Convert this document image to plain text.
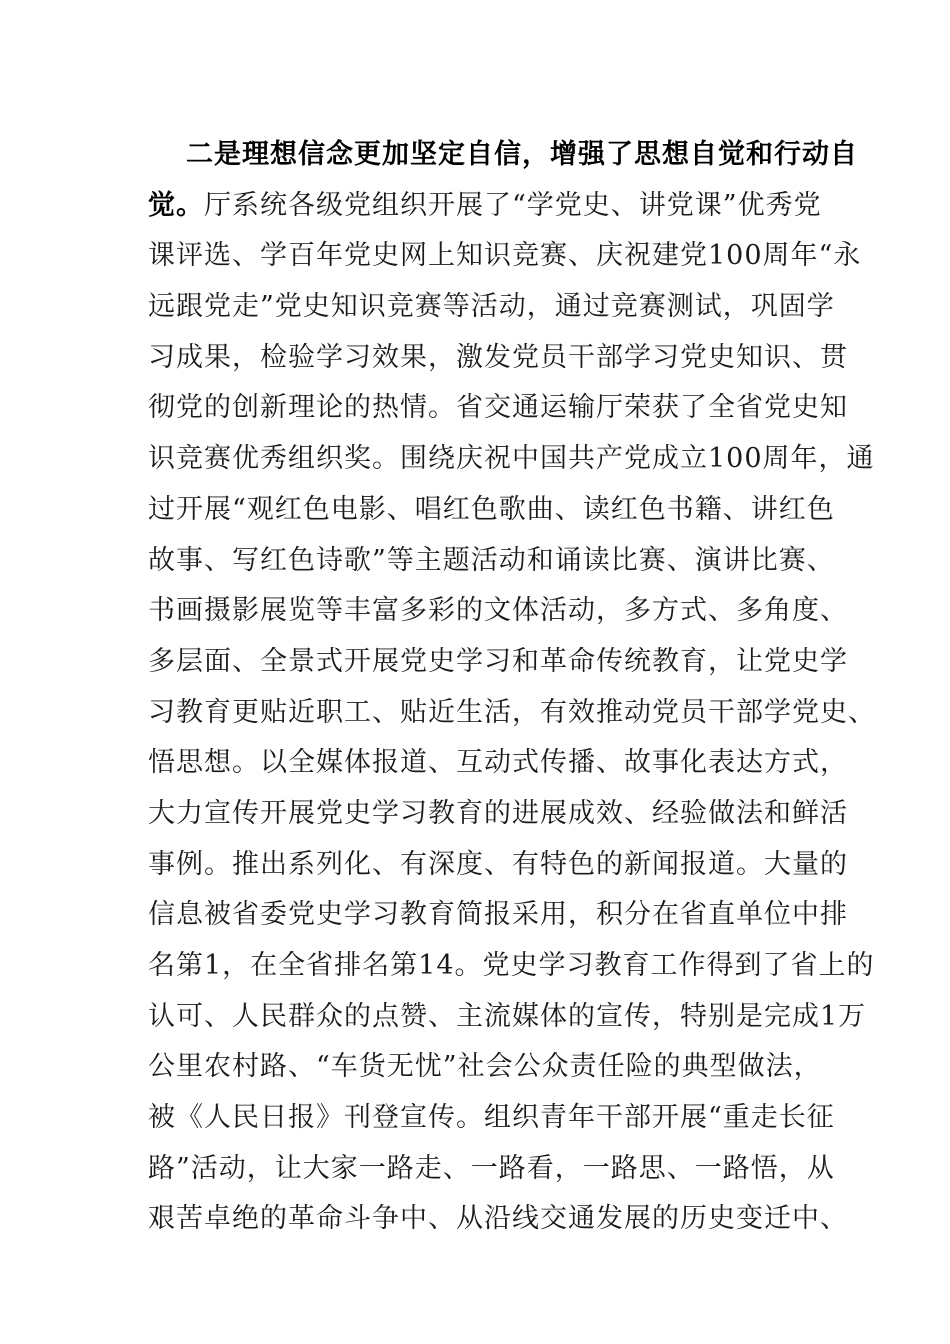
二是理想信念更加坚定自信，增强了思想自觉和行动自
觉。厅系统各级党组织开展了“学党史、讲党课”优秀党
课评选、学百年党史网上知识竞赛、庆祝建党100周年“永
远跟党走”党史知识竞赛等活动，通过竞赛测试，巩固学
习成果，检验学习效果，激发党员干部学习党史知识、贯
彻党的创新理论的热情。省交通运输厅荣获了全省党史知
识竞赛优秀组织奖。围绕庆祝中国共产党成立100周年，通
过开展“观红色电影、唱红色歌曲、读红色书籍、讲红色
故事、写红色诗歌”等主题活动和诵读比赛、演讲比赛、
书画摄影展览等丰富多彩的文体活动，多方式、多角度、
多层面、全景式开展党史学习和革命传统教育，让党史学
习教育更贴近职工、贴近生活，有效推动党员干部学党史、
悟思想。以全媒体报道、互动式传播、故事化表达方式，
大力宣传开展党史学习教育的进展成效、经验做法和鲜活
事例。推出系列化、有深度、有特色的新闻报道。大量的
信息被省委党史学习教育简报采用，积分在省直单位中排
名第1，在全省排名第14。党史学习教育工作得到了省上的
认可、人民群众的点赞、主流媒体的宣传，特别是完成1万
公里农村路、“车货无忧”社会公众责任险的典型做法，
被《人民日报》刊登宣传。组织青年干部开展“重走长征
路”活动，让大家一路走、一路看，一路思、一路悟，从
艰苦卓绝的革命斗争中、从沿线交通发展的历史变迁中、
